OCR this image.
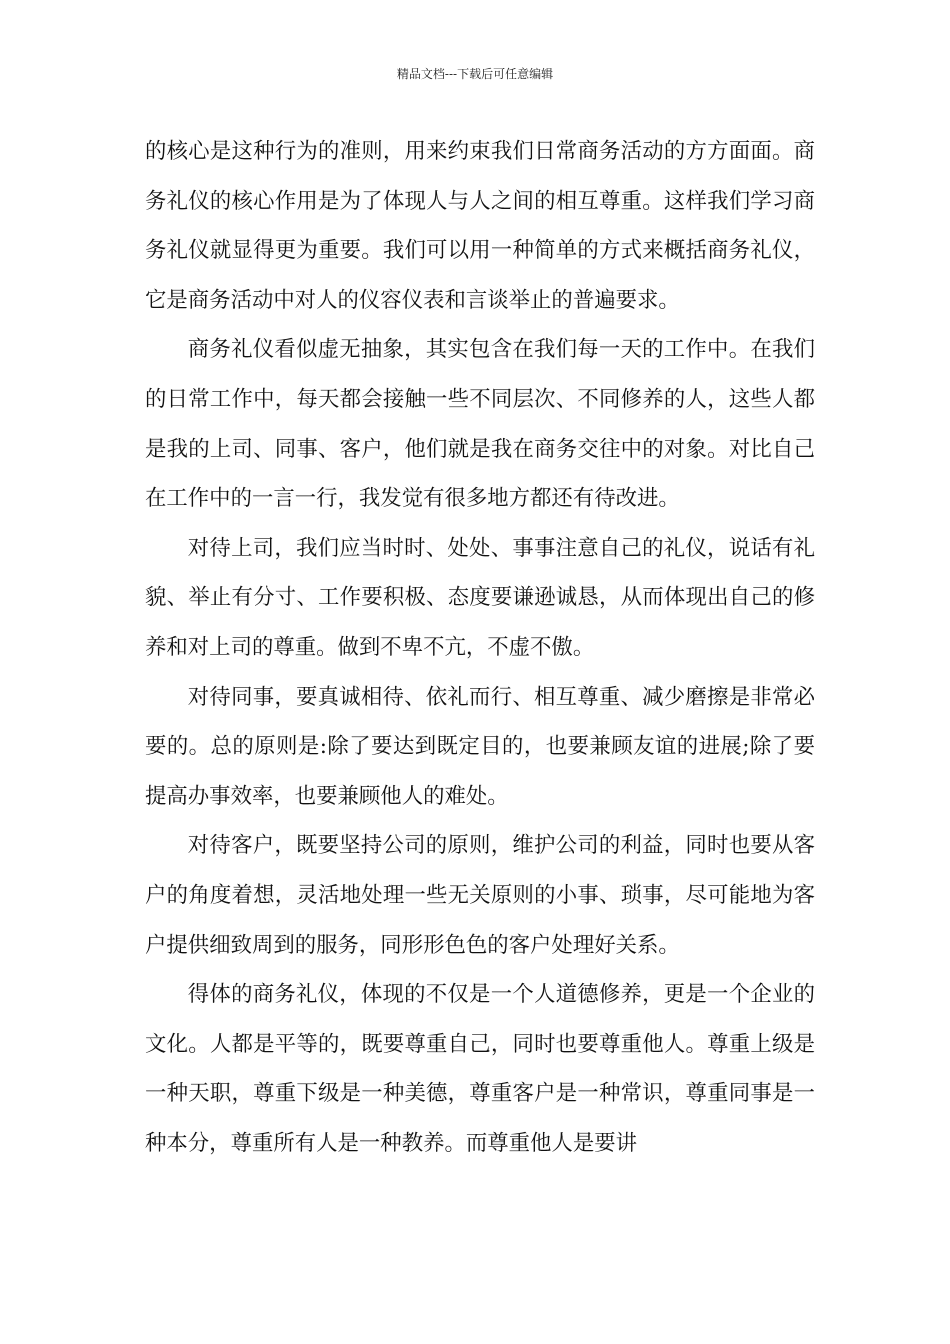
精品文档---下载后可任意编辑

的核心是这种行为的准则，用来约束我们日常商务活动的方方面面。商务礼仪的核心作用是为了体现人与人之间的相互尊重。这样我们学习商务礼仪就显得更为重要。我们可以用一种简单的方式来概括商务礼仪，它是商务活动中对人的仪容仪表和言谈举止的普遍要求。

商务礼仪看似虚无抽象，其实包含在我们每一天的工作中。在我们的日常工作中，每天都会接触一些不同层次、不同修养的人，这些人都是我的上司、同事、客户，他们就是我在商务交往中的对象。对比自己在工作中的一言一行，我发觉有很多地方都还有待改进。

对待上司，我们应当时时、处处、事事注意自己的礼仪，说话有礼貌、举止有分寸、工作要积极、态度要谦逊诚恳，从而体现出自己的修养和对上司的尊重。做到不卑不亢，不虚不傲。

对待同事，要真诚相待、依礼而行、相互尊重、减少磨擦是非常必要的。总的原则是:除了要达到既定目的，也要兼顾友谊的进展;除了要提高办事效率，也要兼顾他人的难处。

对待客户，既要坚持公司的原则，维护公司的利益，同时也要从客户的角度着想，灵活地处理一些无关原则的小事、琐事，尽可能地为客户提供细致周到的服务，同形形色色的客户处理好关系。

得体的商务礼仪，体现的不仅是一个人道德修养，更是一个企业的文化。人都是平等的，既要尊重自己，同时也要尊重他人。尊重上级是一种天职，尊重下级是一种美德，尊重客户是一种常识，尊重同事是一种本分，尊重所有人是一种教养。而尊重他人是要讲
